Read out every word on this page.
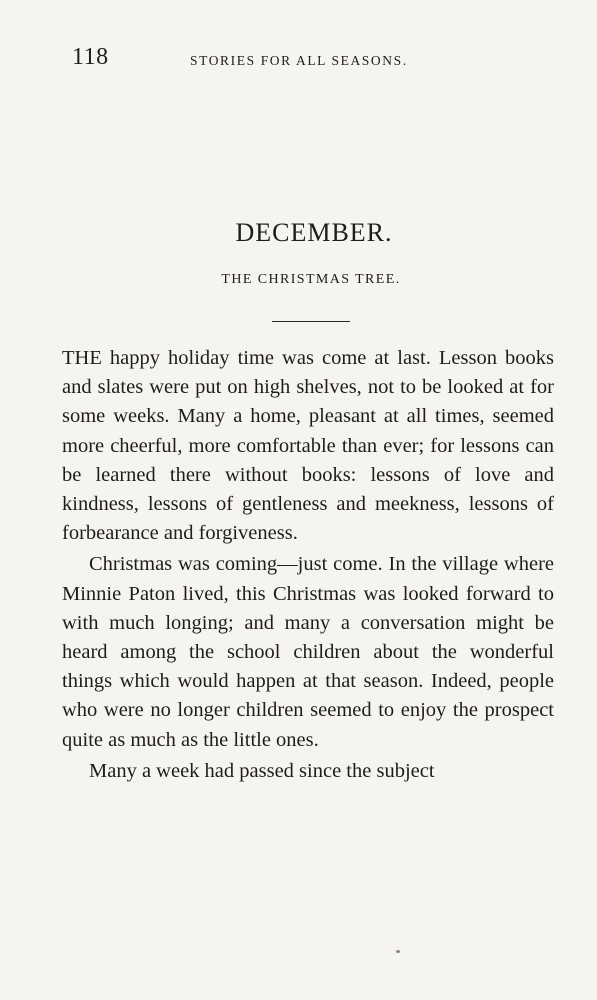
118	STORIES FOR ALL SEASONS.
DECEMBER.
THE CHRISTMAS TREE.

THE happy holiday time was come at last. Lesson books and slates were put on high shelves, not to be looked at for some weeks. Many a home, pleasant at all times, seemed more cheerful, more comfortable than ever; for lessons can be learned there without books: lessons of love and kindness, lessons of gentleness and meekness, lessons of forbearance and forgiveness.

Christmas was coming—just come. In the village where Minnie Paton lived, this Christmas was looked forward to with much longing; and many a conversation might be heard among the school children about the wonderful things which would happen at that season. Indeed, people who were no longer children seemed to enjoy the prospect quite as much as the little ones.

Many a week had passed since the subject
